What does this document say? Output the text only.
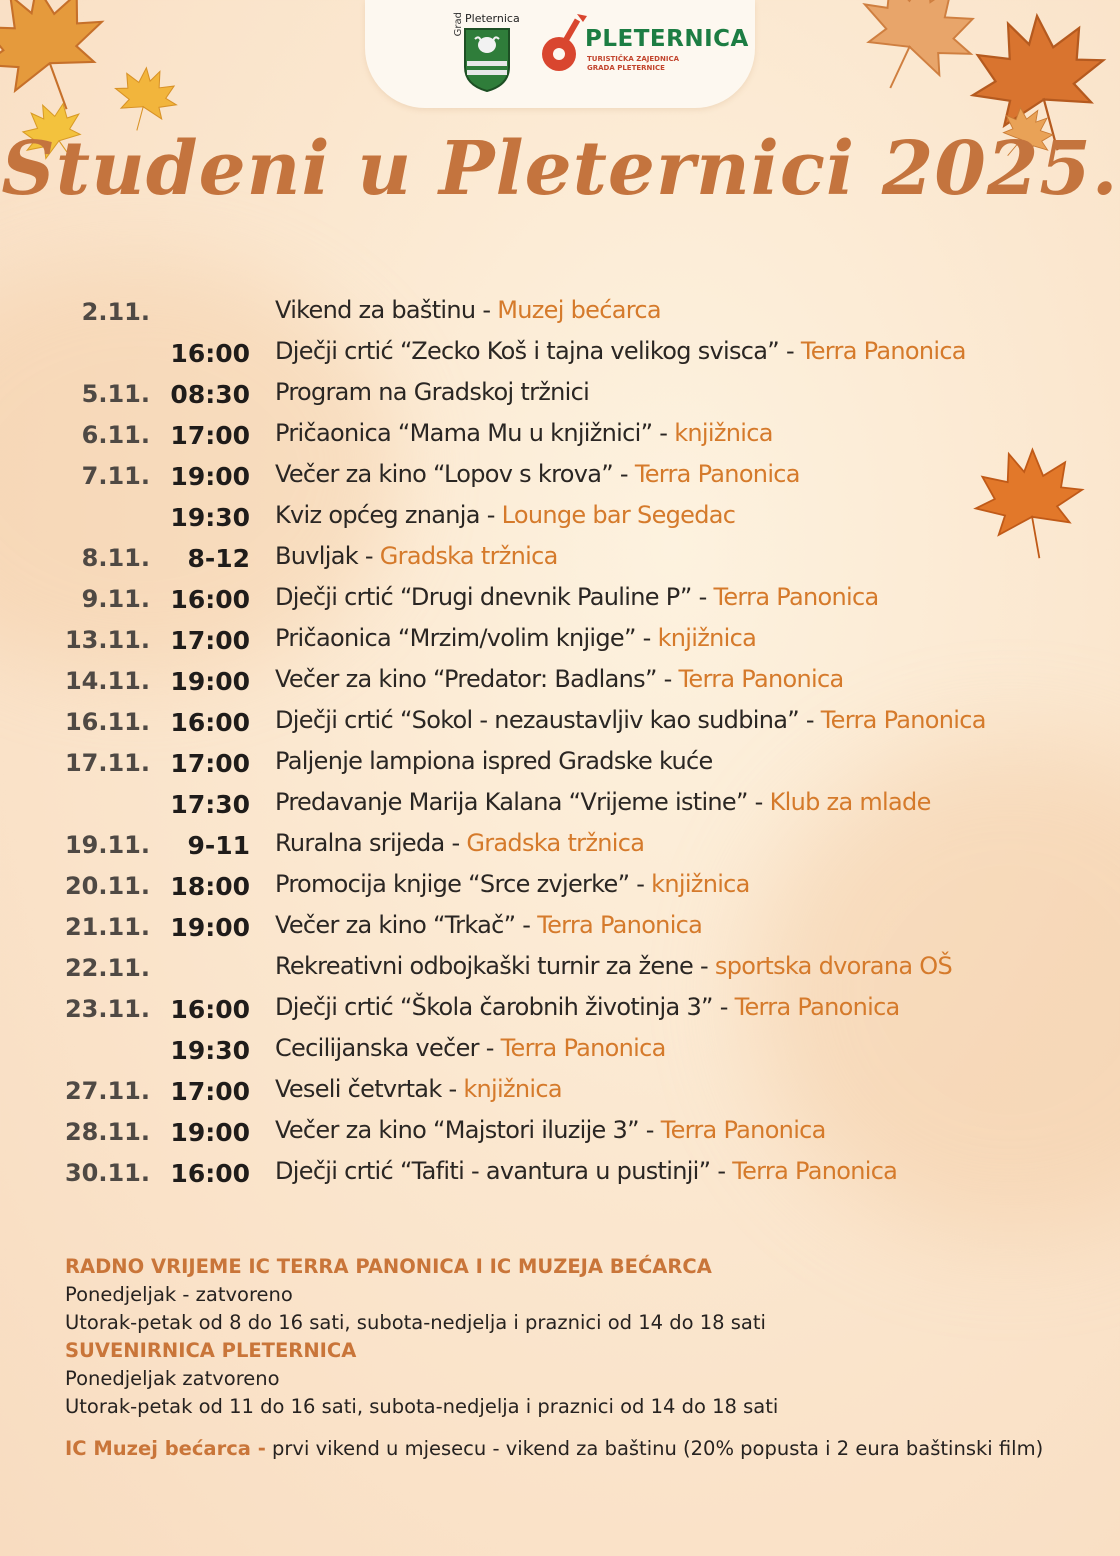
Grad Pleternica
PLETERNICA
TURISTIČKA ZAJEDNICA
GRADA PLETERNICE
Studeni u Pleternici 2025.
2.11.	Vikend za baštinu - Muzej bećarca
16:00 Dječji crtić “Zecko Koš i tajna velikog svisca” - Terra Panonica
5.11. 08:30 Program na Gradskoj tržnici
6.11. 17:00 Pričaonica “Mama Mu u knjižnici” - knjižnica
7.11. 19:00 Večer za kino “Lopov s krova” - Terra Panonica
19:30 Kviz općeg znanja - Lounge bar Segedac
8.11. 8-12 Buvljak - Gradska tržnica
9.11. 16:00 Dječji crtić “Drugi dnevnik Pauline P” - Terra Panonica
13.11. 17:00 Pričaonica “Mrzim/volim knjige” - knjižnica
14.11. 19:00 Večer za kino “Predator: Badlans” - Terra Panonica
16.11. 16:00 Dječji crtić “Sokol - nezaustavljiv kao sudbina” - Terra Panonica
17.11. 17:00 Paljenje lampiona ispred Gradske kuće
17:30 Predavanje Marija Kalana “Vrijeme istine” - Klub za mlade
19.11. 9-11 Ruralna srijeda - Gradska tržnica
20.11. 18:00 Promocija knjige “Srce zvjerke” - knjižnica
21.11. 19:00 Večer za kino “Trkač” - Terra Panonica
22.11.	Rekreativni odbojkaški turnir za žene - sportska dvorana OŠ
23.11. 16:00 Dječji crtić “Škola čarobnih životinja 3” - Terra Panonica
19:30 Cecilijanska večer - Terra Panonica
27.11. 17:00 Veseli četvrtak - knjižnica
28.11. 19:00 Večer za kino “Majstori iluzije 3” - Terra Panonica
30.11. 16:00 Dječji crtić “Tafiti - avantura u pustinji” - Terra Panonica
RADNO VRIJEME IC TERRA PANONICA I IC MUZEJA BEĆARCA
Ponedjeljak - zatvoreno
Utorak-petak od 8 do 16 sati, subota-nedjelja i praznici od 14 do 18 sati
SUVENIRNICA PLETERNICA
Ponedjeljak zatvoreno
Utorak-petak od 11 do 16 sati, subota-nedjelja i praznici od 14 do 18 sati
IC Muzej bećarca - prvi vikend u mjesecu - vikend za baštinu (20% popusta i 2 eura baštinski film)
